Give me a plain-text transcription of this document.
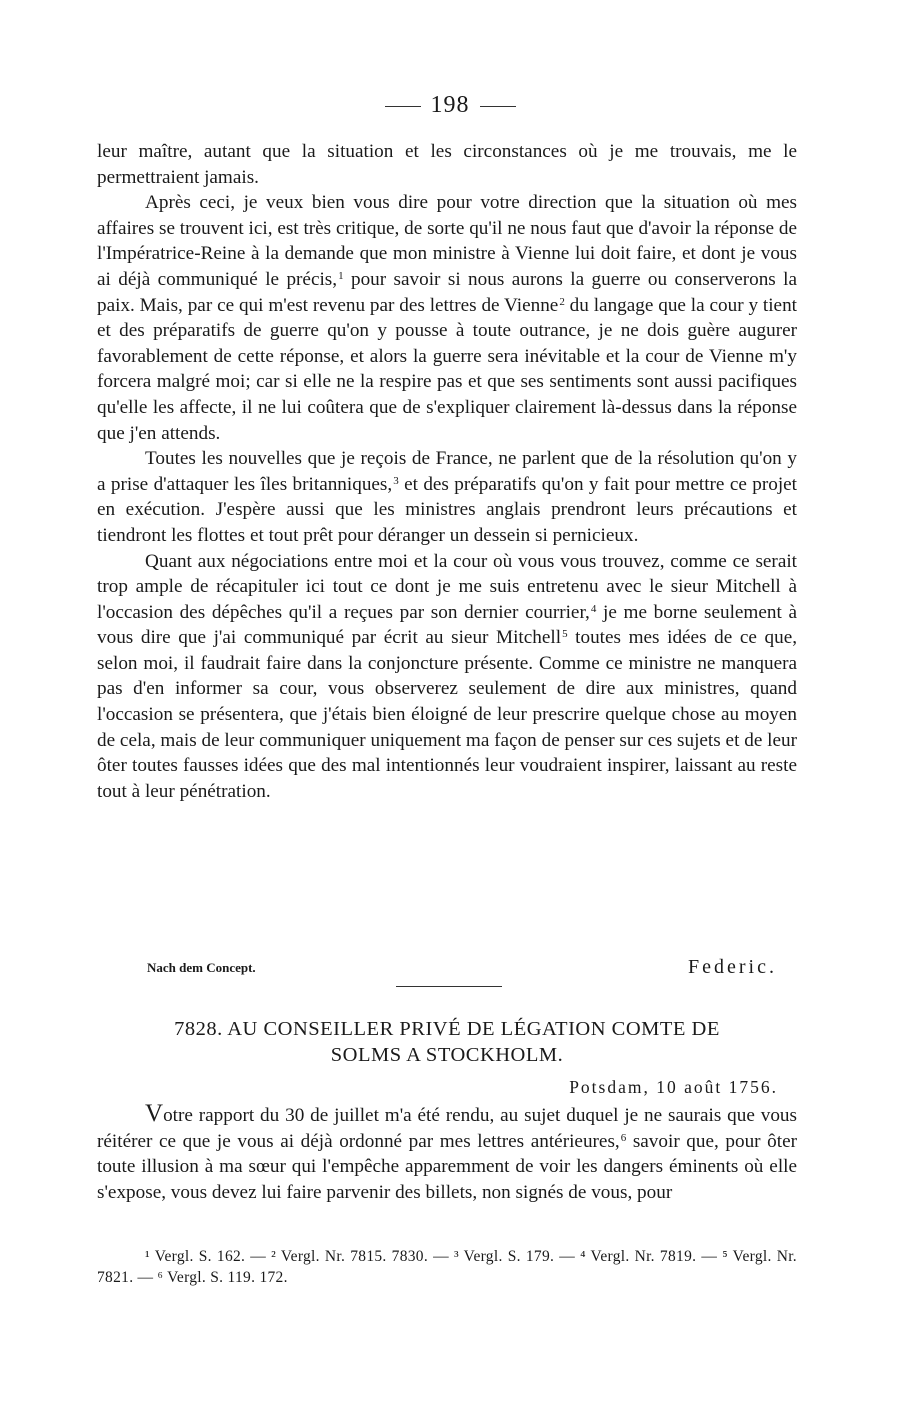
198

leur maître, autant que la situation et les circonstances où je me trouvais, me le permettraient jamais.

Après ceci, je veux bien vous dire pour votre direction que la situation où mes affaires se trouvent ici, est très critique, de sorte qu'il ne nous faut que d'avoir la réponse de l'Impératrice-Reine à la demande que mon ministre à Vienne lui doit faire, et dont je vous ai déjà communiqué le précis,$^1$ pour savoir si nous aurons la guerre ou conserverons la paix. Mais, par ce qui m'est revenu par des lettres de Vienne$^2$ du langage que la cour y tient et des préparatifs de guerre qu'on y pousse à toute outrance, je ne dois guère augurer favorablement de cette réponse, et alors la guerre sera inévitable et la cour de Vienne m'y forcera malgré moi; car si elle ne la respire pas et que ses sentiments sont aussi pacifiques qu'elle les affecte, il ne lui coûtera que de s'expliquer clairement là-dessus dans la réponse que j'en attends.

Toutes les nouvelles que je reçois de France, ne parlent que de la résolution qu'on y a prise d'attaquer les îles britanniques,$^3$ et des préparatifs qu'on y fait pour mettre ce projet en exécution. J'espère aussi que les ministres anglais prendront leurs précautions et tiendront les flottes et tout prêt pour déranger un dessein si pernicieux.

Quant aux négociations entre moi et la cour où vous vous trouvez, comme ce serait trop ample de récapituler ici tout ce dont je me suis entretenu avec le sieur Mitchell à l'occasion des dépêches qu'il a reçues par son dernier courrier,$^4$ je me borne seulement à vous dire que j'ai communiqué par écrit au sieur Mitchell$^5$ toutes mes idées de ce que, selon moi, il faudrait faire dans la conjoncture présente. Comme ce ministre ne manquera pas d'en informer sa cour, vous observerez seulement de dire aux ministres, quand l'occasion se présentera, que j'étais bien éloigné de leur prescrire quelque chose au moyen de cela, mais de leur communiquer uniquement ma façon de penser sur ces sujets et de leur ôter toutes fausses idées que des mal intentionnés leur voudraient inspirer, laissant au reste tout à leur pénétration.

Nach dem Concept.	Federic.
7828. AU CONSEILLER PRIVÉ DE LÉGATION COMTE DE
SOLMS A STOCKHOLM.
Potsdam, 10 août 1756.

Votre rapport du 30 de juillet m'a été rendu, au sujet duquel je ne saurais que vous réitérer ce que je vous ai déjà ordonné par mes lettres antérieures,$^6$ savoir que, pour ôter toute illusion à ma sœur qui l'empêche apparemment de voir les dangers éminents où elle s'expose, vous devez lui faire parvenir des billets, non signés de vous, pour

¹ Vergl. S. 162. — ² Vergl. Nr. 7815. 7830. — ³ Vergl. S. 179. — ⁴ Vergl. Nr. 7819. — ⁵ Vergl. Nr. 7821. — ⁶ Vergl. S. 119. 172.
